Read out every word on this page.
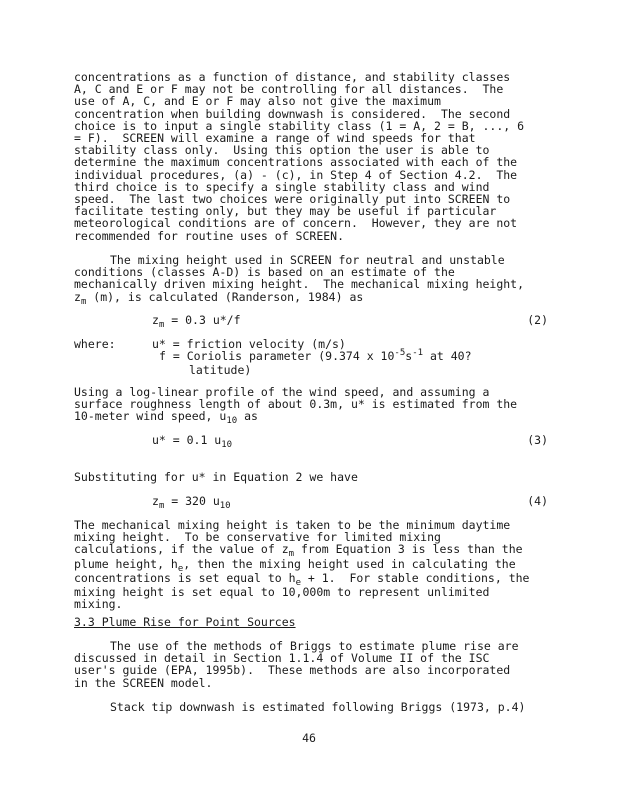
concentrations as a function of distance, and stability classes
A, C and E or F may not be controlling for all distances.  The
use of A, C, and E or F may also not give the maximum
concentration when building downwash is considered.  The second
choice is to input a single stability class (1 = A, 2 = B, ..., 6
= F).  SCREEN will examine a range of wind speeds for that
stability class only.  Using this option the user is able to
determine the maximum concentrations associated with each of the
individual procedures, (a) - (c), in Step 4 of Section 4.2.  The
third choice is to specify a single stability class and wind
speed.  The last two choices were originally put into SCREEN to
facilitate testing only, but they may be useful if particular
meteorological conditions are of concern.  However, they are not
recommended for routine uses of SCREEN.
The mixing height used in SCREEN for neutral and unstable
conditions (classes A-D) is based on an estimate of the
mechanically driven mixing height.  The mechanical mixing height,
$z_m$ (m), is calculated (Randerson, 1984) as
$z_m = 0.3$ u*/f	(2)
where:	u* = friction velocity (m/s)
f = Coriolis parameter (9.374 x $10^{-5}s^{-1}$ at 40?
latitude)
Using a log-linear profile of the wind speed, and assuming a
surface roughness length of about 0.3m, u* is estimated from the
10-meter wind speed, $u_{10}$ as
u* = 0.1 $u_{10}$	(3)
Substituting for u* in Equation 2 we have
$z_m = 320$ $u_{10}$	(4)
The mechanical mixing height is taken to be the minimum daytime
mixing height.  To be conservative for limited mixing
calculations, if the value of $z_m$ from Equation 3 is less than the
plume height, $h_e$, then the mixing height used in calculating the
concentrations is set equal to $h_e + 1$.  For stable conditions, the
mixing height is set equal to 10,000m to represent unlimited
mixing.
3.3 Plume Rise for Point Sources
The use of the methods of Briggs to estimate plume rise are
discussed in detail in Section 1.1.4 of Volume II of the ISC
user's guide (EPA, 1995b).  These methods are also incorporated
in the SCREEN model.
Stack tip downwash is estimated following Briggs (1973, p.4)
46
